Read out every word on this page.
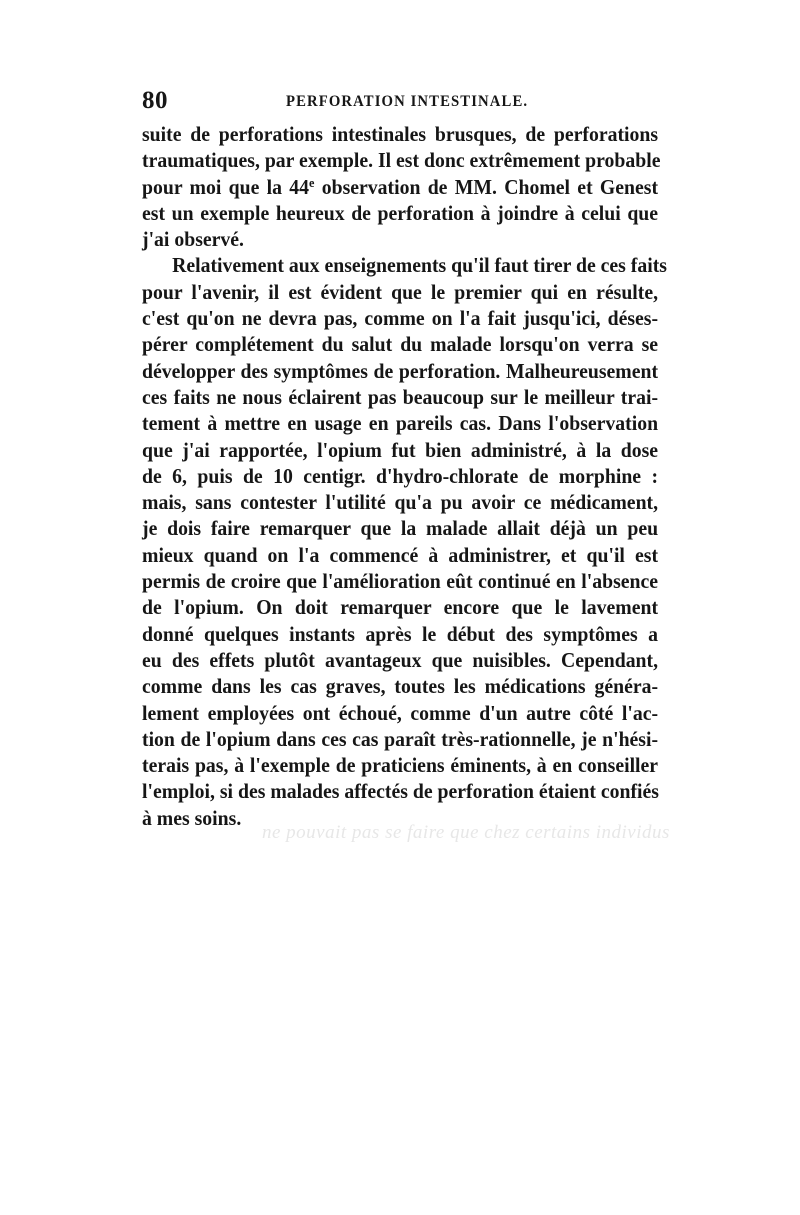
80	PERFORATION INTESTINALE.
ne pouvait pas se faire que chez certains individus
suite de perforations intestinales brusques, de perforations
traumatiques, par exemple. Il est donc extrêmement probable
pour moi que la 44e observation de MM. Chomel et Genest
est un exemple heureux de perforation à joindre à celui que
j'ai observé.
Relativement aux enseignements qu'il faut tirer de ces faits
pour l'avenir, il est évident que le premier qui en résulte,
c'est qu'on ne devra pas, comme on l'a fait jusqu'ici, déses-
pérer complétement du salut du malade lorsqu'on verra se
développer des symptômes de perforation. Malheureusement
ces faits ne nous éclairent pas beaucoup sur le meilleur trai-
tement à mettre en usage en pareils cas. Dans l'observation
que j'ai rapportée, l'opium fut bien administré, à la dose
de 6, puis de 10 centigr. d'hydro-chlorate de morphine :
mais, sans contester l'utilité qu'a pu avoir ce médicament,
je dois faire remarquer que la malade allait déjà un peu
mieux quand on l'a commencé à administrer, et qu'il est
permis de croire que l'amélioration eût continué en l'absence
de l'opium. On doit remarquer encore que le lavement
donné quelques instants après le début des symptômes a
eu des effets plutôt avantageux que nuisibles. Cependant,
comme dans les cas graves, toutes les médications généra-
lement employées ont échoué, comme d'un autre côté l'ac-
tion de l'opium dans ces cas paraît très-rationnelle, je n'hési-
terais pas, à l'exemple de praticiens éminents, à en conseiller
l'emploi, si des malades affectés de perforation étaient confiés
à mes soins.
